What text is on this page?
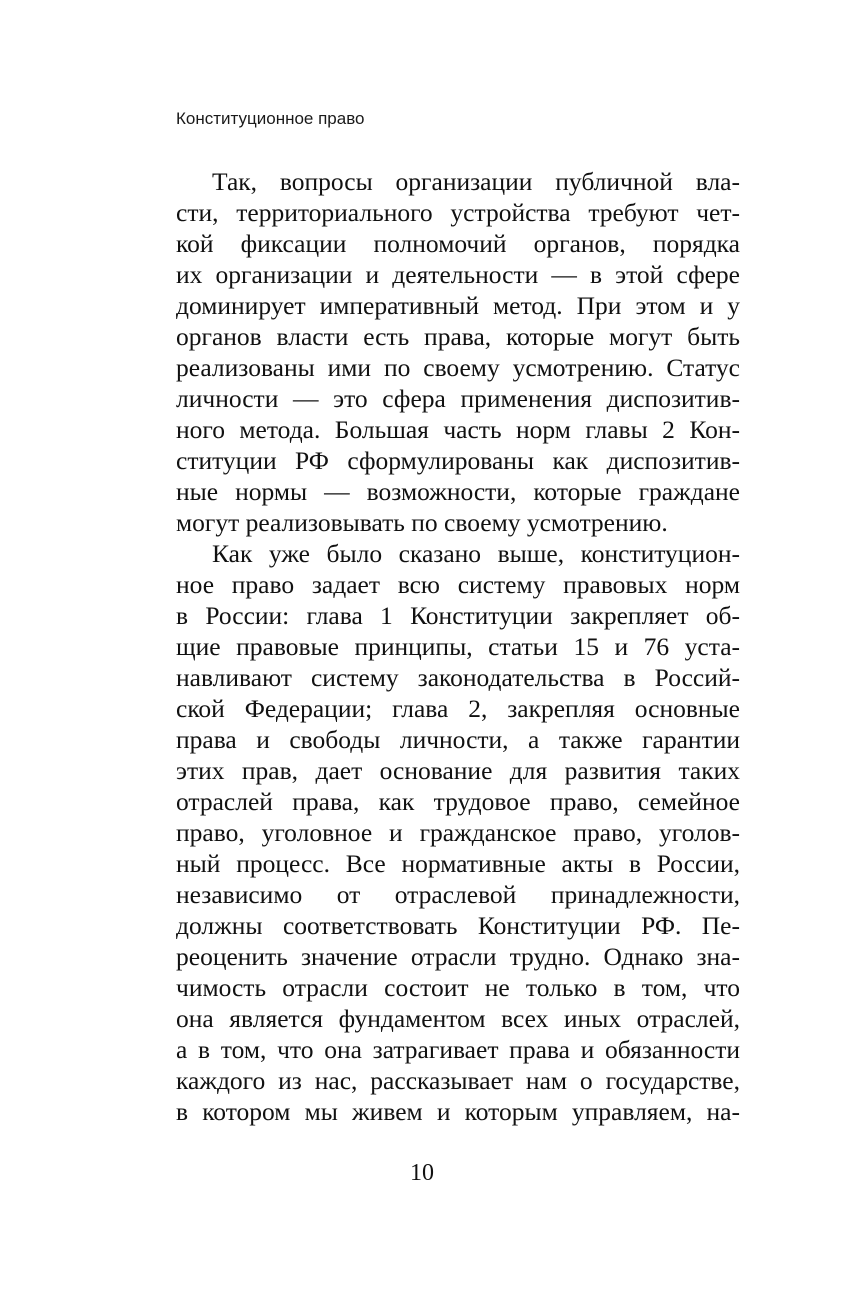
Конституционное право
Так, вопросы организации публичной вла-
сти, территориального устройства требуют чет-
кой фиксации полномочий органов, порядка
их организации и деятельности — в этой сфере
доминирует императивный метод. При этом и у
органов власти есть права, которые могут быть
реализованы ими по своему усмотрению. Статус
личности — это сфера применения диспозитив-
ного метода. Большая часть норм главы 2 Кон-
ституции РФ сформулированы как диспозитив-
ные нормы — возможности, которые граждане
могут реализовывать по своему усмотрению.
Как уже было сказано выше, конституцион-
ное право задает всю систему правовых норм
в России: глава 1 Конституции закрепляет об-
щие правовые принципы, статьи 15 и 76 уста-
навливают систему законодательства в Россий-
ской Федерации; глава 2, закрепляя основные
права и свободы личности, а также гарантии
этих прав, дает основание для развития таких
отраслей права, как трудовое право, семейное
право, уголовное и гражданское право, уголов-
ный процесс. Все нормативные акты в России,
независимо от отраслевой принадлежности,
должны соответствовать Конституции РФ. Пе-
реоценить значение отрасли трудно. Однако зна-
чимость отрасли состоит не только в том, что
она является фундаментом всех иных отраслей,
а в том, что она затрагивает права и обязанности
каждого из нас, рассказывает нам о государстве,
в котором мы живем и которым управляем, на-
10
